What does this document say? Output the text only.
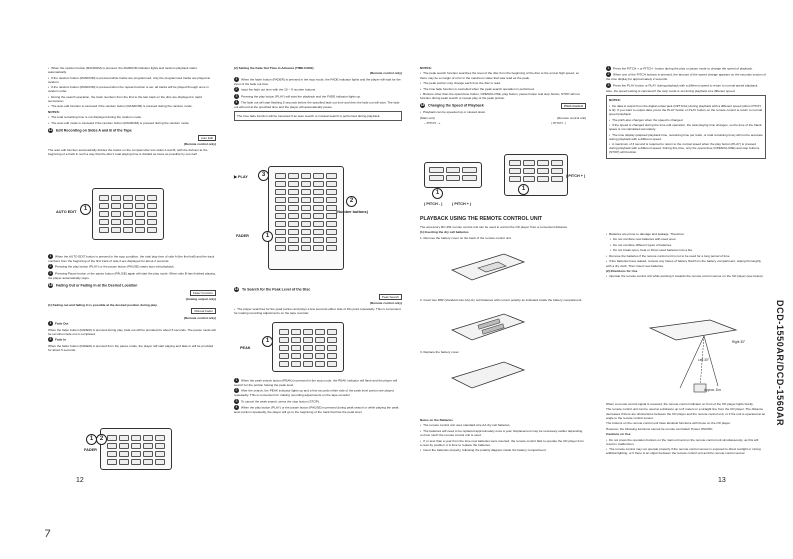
• When the random button (RANDOM) is pressed, the RANDOM indicator lights and random playback starts automatically.

• If the random button (RANDOM) is pressed while tracks are programmed, only the programmed tracks are played at random.

• If the random button (RANDOM) is pressed when the repeat function is set, all tracks will be played through once in random order.

• During the search operation, the track numbers from the first to the last track on the disc are displayed in rapid succession.

• The auto edit function is canceled if the random button (RANDOM) is pressed during the random mode.

NOTES:

• The total remaining time is not displayed during the random mode.

• The auto edit mode is canceled if the random button (RANDOM) is pressed during the random mode.

12 Edit Recording on Sides A and B of the Tape

Auto Edit

(Remote control only)

The auto edit function automatically divides the tracks on the compact disc into sides A and B, with the division at the beginning of a track in such a way that the disc's total playing time is divided as close as possible by one half.

1
AUTO EDIT

1 When the AUTO EDIT button is pressed in the stop condition, the total play time of side A (the first half) and the track numbers from the beginning of the first track of side A are displayed for about 2 seconds.

2 Pressing the play button (PLAY) or the pause button (PAUSE) starts auto edit playback.

3 Pressing Pause button or the pause button (PAUSE) again will start the play mode. When side B has finished playing, the player automatically stops.

13 Fading Out or Fading In at the Desired Location

Fader Function

(Analog output only)

(1) Fading out and fading in is possible at the desired position during play.

Manual Fader

(Remote control only)

1 Fade Out

When the fader button (FADER) is pressed during play, fade out will be provided for about 5 seconds. The pause mode will be set when fade out is completed.

2 Fade In

When the fader button (FADER) is pressed from the pause mode, the player will start playing and fade in will be provided for about 5 seconds.

1	2
FADER
12

(2) Setting the Fade Out Time in Advance (TIME FADE)

(Remote control only)

1 When the fader button (FADER) is pressed in the stop mode, the FADE indicator lights and the player will wait for the input of the fade out time.

2 Input the fade out time with the 10 ~ 9 number buttons.

3 Pressing the play button (PLAY) will start the playback and the FADE indicator lights up.

4 The fade out will start flashing 5 seconds before the specified fade out time and then the fade out will start. The fade out will end at the specified time and the player will automatically pause.

The time fade function will be canceled if an auto search or manual search is performed during playback.
3
▶ PLAY
2
(Number buttons)
1
FADER
14 To Search for the Peak Level of the Disc

Peak Search

(Remote control only)

• The player searches for the peak portion and plays a few seconds either side of this point repeatedly. This is convenient for making recording adjustments on the tape recorder.

1
PEAK

1 When the peak search button (PEAK) is pressed in the stop mode, the PEAK indicator will flash and the player will search for the portion having the peak level.

2 After the search, the PEAK indicator lights up and a few seconds either side of the peak level portion are played repeatedly. This is convenient for making recording adjustments on the tape recorder.

3 To cancel the peak search, press the stop button (STOP).

4 When the play button (PLAY) or the pause button (PAUSE) is pressed during peak search or while playing the peak level portion repeatedly, the player will go to the beginning of the track that has the peak level.

NOTES:

• The peak search function searches the level of the disc from the beginning of the disc to the end at high speed, so there may be a margin of error in the maximum value that was read as the peak.

• The peak portion may change each time the disc is read.

• The time fade function is cancelled when the peak search operation is performed.

• Buttons other than the open/close button, OPEN/CLOSE, play button, pause button and stop button, STOP will not function during peak search or repeat play of the peak portion.

15 Changing the Speed of Playback	Pitch Control

• Playback can be speeded up or slowed down.

(Main unit)	(Remote control unit)

– PITCH - +	| PITCH - |

1
1
( PITCH - )	( PITCH + )
( PITCH + )
PLAYBACK USING THE REMOTE CONTROL UNIT

The accessory RC-251 remote control unit can be used to control the CD player from a convenient distance.

(1) Inserting the dry cell batteries

1. Remove the battery cover on the back of the remote control unit.

2. Insert two R6P (standard size AA) dry cell batteries with correct polarity as indicated inside the battery compartment.

3. Replace the battery cover.

Notes on the Batteries

• The remote control unit uses standard size AA dry cell batteries.

• The batteries will need to be replaced approximately once a year. Replacement may be necessary earlier depending on how much the remote control unit is used.

• If, in less than a year from the time new batteries were inserted, the remote control fails to operate the CD player from a near-by position, it is time to replace the batteries.

• Insert the batteries properly, following the polarity diagram inside the battery compartment.

1 Press the PITCH + or PITCH - button during the play or pause mode to change the speed of playback.

2 When one of the PITCH buttons is pressed, the amount of the speed change appears on the seconds section of the time display for approximately 2 seconds.

3 Press the PLAY button or PLAY during playback with a different speed to return to normal speed playback.

Also, the speed setting is canceled if the stop mode is set during playback at a different speed.

NOTES:

• No data is output from the digital output jack (OPTICAL) during playback with a different speed (when PITCH is lit). If you want to output data, press the PLAY button or PLAY button on the remote control to return to normal speed playback.

• The pitch also changes when the speed is changed.

• If the speed is changed during the time edit operation, the total playing time changes, so the time of the blank space is not calculated accurately.

• The time display (elapsed playback time, remaining time per track, or total remaining time) will not be accurate during playback with a different speed.

• A maximum of 3 second is required to return to the normal speed when the play button (PLAY) is pressed during playback with a different speed. During this time, only the open/close (OPEN/CLOSE) and stop buttons (STOP) will function.

• Batteries are prone to damage and leakage. Therefore:

• Do not combine new batteries with used ones.

• Do not combine different types of batteries.

• Do not break open, heat or throw used batteries into a fire.

• Remove the batteries if the remote control unit is not to be used for a long period of time.

• If the batteries have leaked, remove any traces of battery fluid from the battery compartment, wiping thoroughly with a dry cloth. Then insert new batteries.

(2) Directions for Use

• Operate the remote control unit while pointing it towards the remote control sensor on the CD player (see below).

Right 30°
Left 30°
Approx. 8 m

When a remote control signal is received, the remote control indicator on front of the CD player lights briefly.

The remote control unit can be used at a distance up to 8 meters in a straight line from the CD player. The distance decreases if there are obstructions between the CD player and the remote control unit, or if the unit is operated at an angle to the remote control sensor.

The buttons on the remote control unit have identical functions with those on the CD player.

However, the following functions cannot be remote controlled: Power ON/OFF.

Cautions on Use

• Do not press the operation buttons on the main unit and on the remote control unit simultaneously, as this will result in malfunction.

• The remote control may not operate properly if the remote control sensor is exposed to direct sunlight or strong artificial lighting, or if there is an object between the remote control unit and the remote control sensor.

13
DCD-1550AR/DCD-1560AR
